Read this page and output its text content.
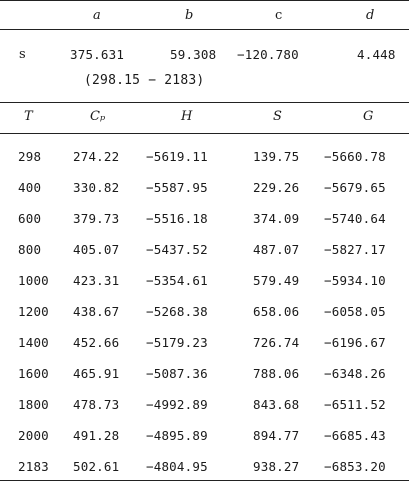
a	b	c	d
s	375.631	59.308 −120.780	4.448
(298.15 − 2183)
T	Cₚ	H	S	G
298	274.22 −5619.11	139.75 −5660.78
400	330.82 −5587.95	229.26 −5679.65
600	379.73 −5516.18	374.09 −5740.64
800	405.07 −5437.52	487.07 −5827.17
1000 423.31 −5354.61	579.49 −5934.10
1200 438.67 −5268.38	658.06 −6058.05
1400 452.66 −5179.23	726.74 −6196.67
1600 465.91 −5087.36	788.06 −6348.26
1800 478.73 −4992.89	843.68 −6511.52
2000 491.28 −4895.89	894.77 −6685.43
2183 502.61 −4804.95	938.27 −6853.20
